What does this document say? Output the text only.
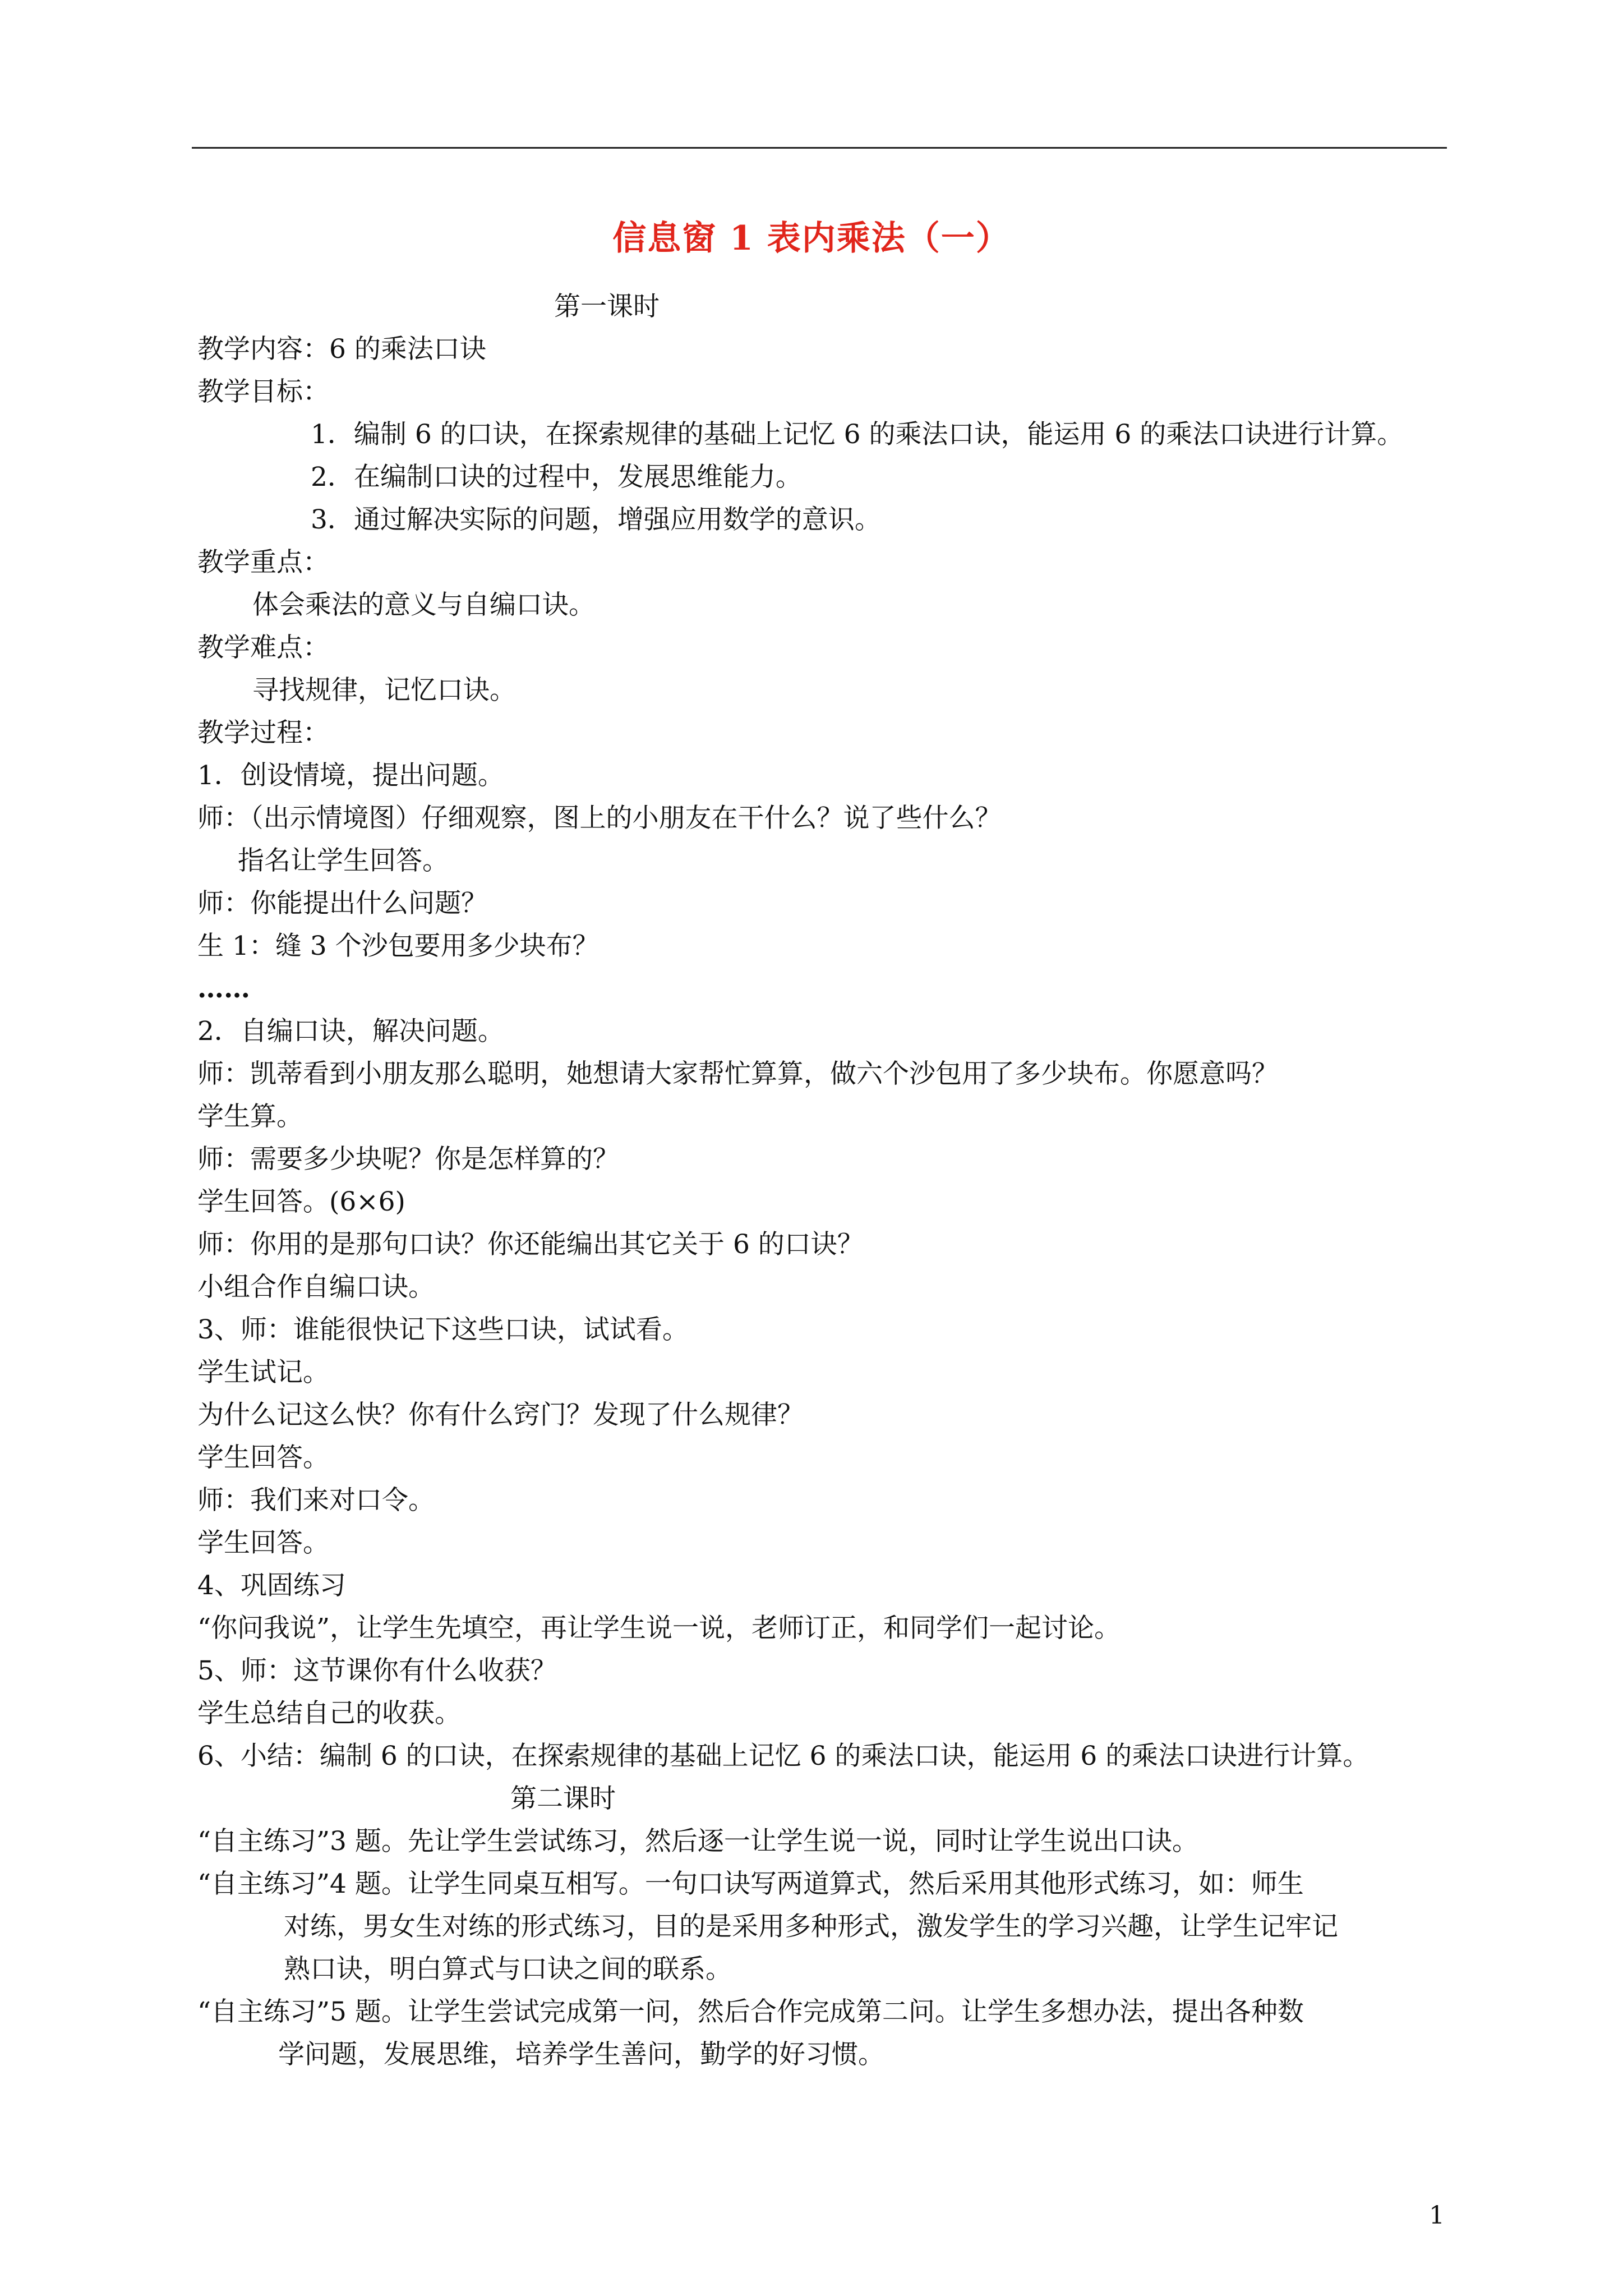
信息窗 1 表内乘法（一）
第一课时
教学内容：6 的乘法口诀
教学目标：
1．编制 6 的口诀，在探索规律的基础上记忆 6 的乘法口诀，能运用 6 的乘法口诀进行计算。
2．在编制口诀的过程中，发展思维能力。
3．通过解决实际的问题，增强应用数学的意识。
教学重点：
体会乘法的意义与自编口诀。
教学难点：
寻找规律，记忆口诀。
教学过程：
1．创设情境，提出问题。
师：（出示情境图）仔细观察，图上的小朋友在干什么？说了些什么？
指名让学生回答。
师：你能提出什么问题？
生 1：缝 3 个沙包要用多少块布？
……
2．自编口诀，解决问题。
师：凯蒂看到小朋友那么聪明，她想请大家帮忙算算，做六个沙包用了多少块布。你愿意吗？
学生算。
师：需要多少块呢？你是怎样算的？
学生回答。(6×6)
师：你用的是那句口诀？你还能编出其它关于 6 的口诀？
小组合作自编口诀。
3、师：谁能很快记下这些口诀，试试看。
学生试记。
为什么记这么快？你有什么窍门？发现了什么规律？
学生回答。
师：我们来对口令。
学生回答。
4、巩固练习
“你问我说”，让学生先填空，再让学生说一说，老师订正，和同学们一起讨论。
5、师：这节课你有什么收获？
学生总结自己的收获。
6、小结：编制 6 的口诀，在探索规律的基础上记忆 6 的乘法口诀，能运用 6 的乘法口诀进行计算。
第二课时
“自主练习”3 题。先让学生尝试练习，然后逐一让学生说一说，同时让学生说出口诀。
“自主练习”4 题。让学生同桌互相写。一句口诀写两道算式，然后采用其他形式练习，如：师生
对练，男女生对练的形式练习，目的是采用多种形式，激发学生的学习兴趣，让学生记牢记
熟口诀，明白算式与口诀之间的联系。
“自主练习”5 题。让学生尝试完成第一问，然后合作完成第二问。让学生多想办法，提出各种数
学问题，发展思维，培养学生善问，勤学的好习惯。
1
